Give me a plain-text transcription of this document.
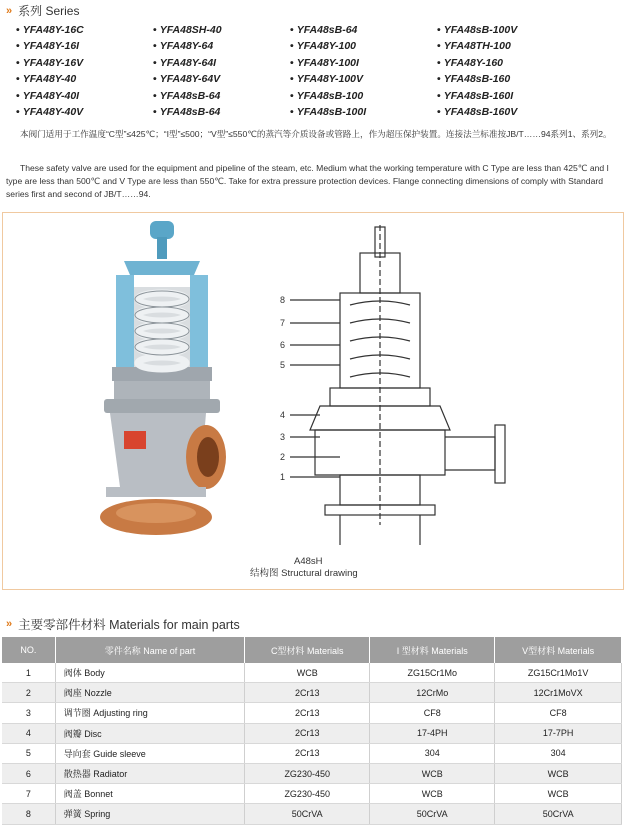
» 系列 Series
• YFA48Y-16C	• YFA48SH-40	• YFA48sB-64	• YFA48sB-100V
• YFA48Y-16I	• YFA48Y-64	• YFA48Y-100	• YFA48TH-100
• YFA48Y-16V	• YFA48Y-64I	• YFA48Y-100I	• YFA48Y-160
• YFA48Y-40	• YFA48Y-64V	• YFA48Y-100V	• YFA48sB-160
• YFA48Y-40I	• YFA48sB-64	• YFA48sB-100	• YFA48sB-160I
• YFA48Y-40V	• YFA48sB-64	• YFA48sB-100I	• YFA48sB-160V
本阀门适用于工作温度“C型”≤425℃；“I型”≤500；“V型”≤550℃的蒸汽等介质设备或管路上，作为超压保护装置。连接法兰标准按JB/T……94系列1、系列2。
These safety valve are used for the equipment and pipeline of the steam, etc. Medium what the working temperature with C Type are less than 425℃ and I type are less than 500℃ and V Type are less than 550℃. Take for extra pressure protection devices. Flange connecting dimensions of comply with Standard series first and second of JB/T……94.
8
7
6
5
4
3
2
1
A48sH
结构图 Structural drawing
» 主要零部件材料 Materials for main parts
NO.	零件名称 Name of part	C型材料 Materials	I 型材料 Materials	V型材料 Materials
1	阀体 Body	WCB	ZG15Cr1Mo	ZG15Cr1Mo1V
2	阀座 Nozzle	2Cr13	12CrMo	12Cr1MoVX
3	调节圈 Adjusting ring	2Cr13	CF8	CF8
4	阀瓣 Disc	2Cr13	17-4PH	17-7PH
5	导向套 Guide sleeve	2Cr13	304	304
6	散热器 Radiator	ZG230-450	WCB	WCB
7	阀盖 Bonnet	ZG230-450	WCB	WCB
8	弹簧 Spring	50CrVA	50CrVA	50CrVA
